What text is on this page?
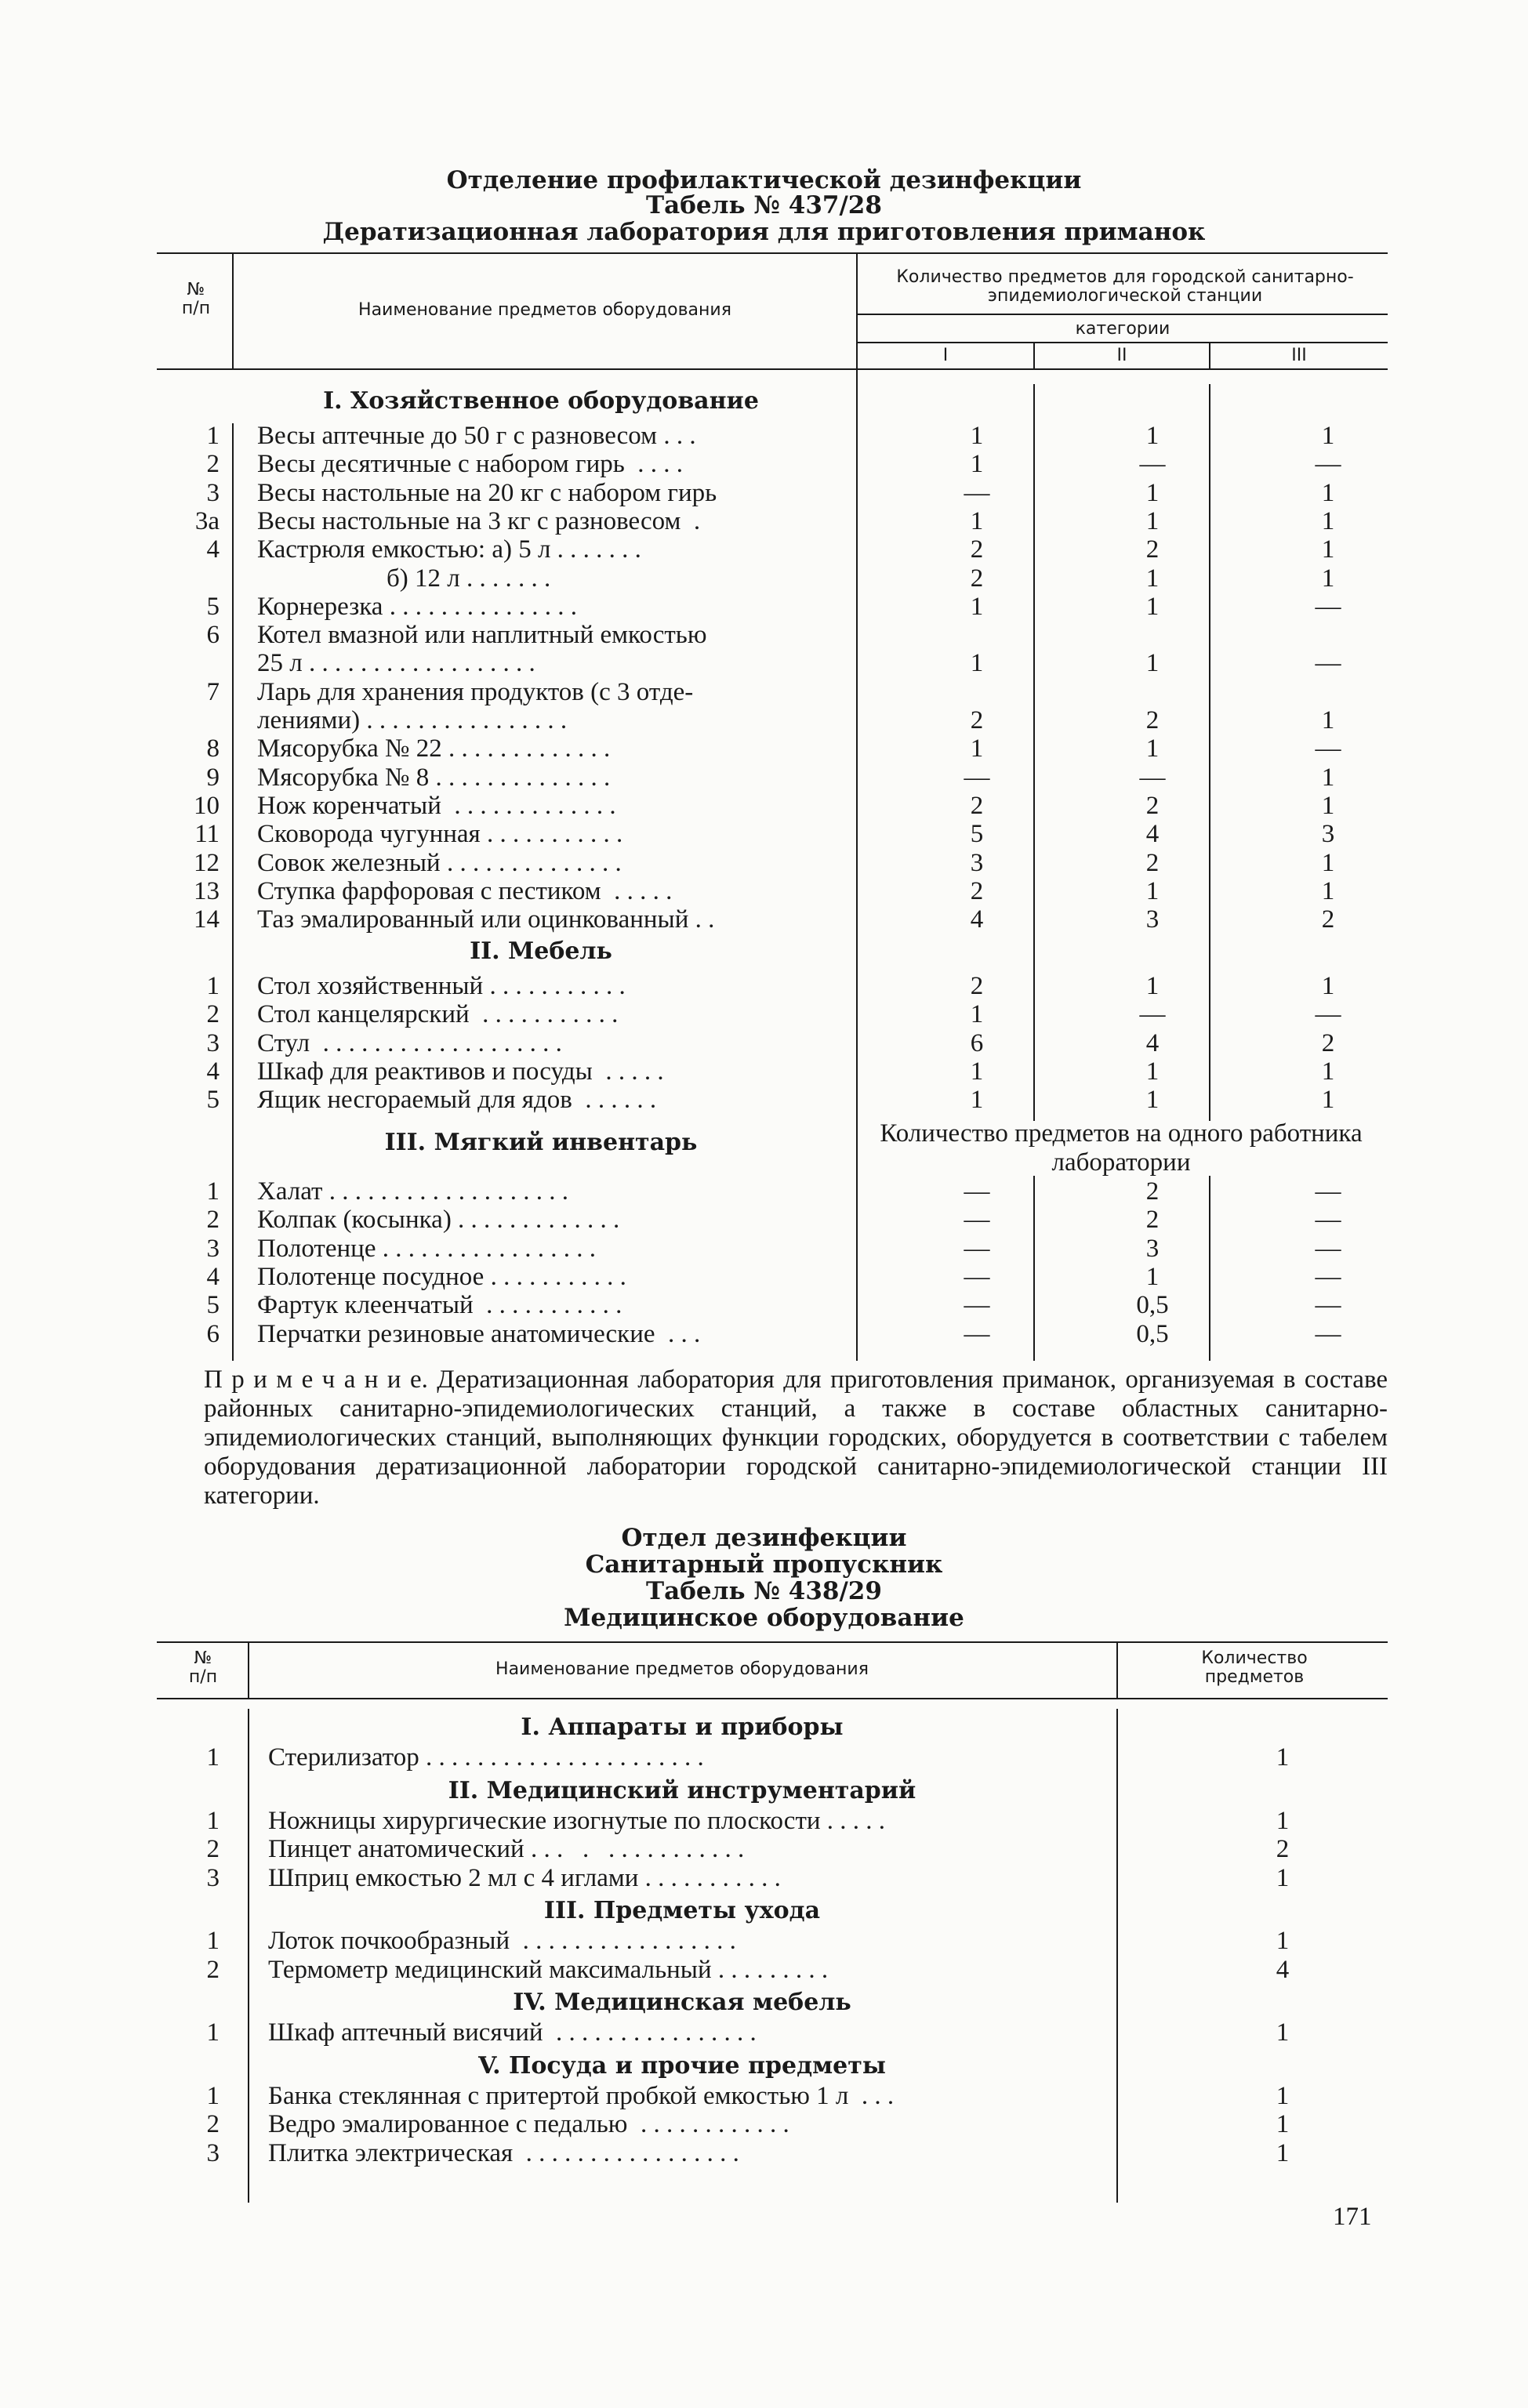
Отделение профилактической дезинфекции
Табель № 437/28
Дератизационная лаборатория для приготовления приманок
№
п/п	Наименование предметов оборудования
Количество предметов для городской санитарно-эпидемиологической станции
категории
I	II	III
I. Хозяйственное оборудование
1 Весы аптечные до 50 г с разновесом . . .	1	1	1
2 Весы десятичные с набором гирь  . . . .	1	—	—
3 Весы настольные на 20 кг с набором гирь	—	1	1
3а Весы настольные на 3 кг с разновесом  .	1	1	1
4 Кастрюля емкостью: а) 5 л . . . . . . .	2	2	1
б) 12 л . . . . . . .	2	1	1
5 Корнерезка . . . . . . . . . . . . . . .	1	1	—
6 Котел вмазной или наплитный емкостью
25 л . . . . . . . . . . . . . . . . . .	1	1	—
7 Ларь для хранения продуктов (с 3 отде-
лениями) . . . . . . . . . . . . . . . .	2	2	1
8 Мясорубка № 22 . . . . . . . . . . . . .	1	1	—
9 Мясорубка № 8 . . . . . . . . . . . . . .	—	—	1
10 Нож коренчатый  . . . . . . . . . . . . .	2	2	1
11 Сковорода чугунная . . . . . . . . . . .	5	4	3
12 Совок железный . . . . . . . . . . . . . .	3	2	1
13 Ступка фарфоровая с пестиком  . . . . .	2	1	1
14 Таз эмалированный или оцинкованный . .	4	3	2
II. Мебель
1 Стол хозяйственный . . . . . . . . . . .	2	1	1
2 Стол канцелярский  . . . . . . . . . . .	1	—	—
3 Стул  . . . . . . . . . . . . . . . . . . .	6	4	2
4 Шкаф для реактивов и посуды  . . . . .	1	1	1
5 Ящик несгораемый для ядов  . . . . . .	1	1	1
III. Мягкий инвентарь	Количество предметов на одного работника лаборатории
1 Халат . . . . . . . . . . . . . . . . . . .	—	2	—
2 Колпак (косынка) . . . . . . . . . . . . .	—	2	—
3 Полотенце . . . . . . . . . . . . . . . . .	—	3	—
4 Полотенце посудное . . . . . . . . . . .	—	1	—
5 Фартук клеенчатый  . . . . . . . . . . .	—	0,5	—
6 Перчатки резиновые анатомические  . . .	—	0,5	—
П р и м е ч а н и е. Дератизационная лаборатория для приготовления приманок, организуемая в составе районных санитарно-эпидемиологических станций, а также в составе областных санитарно-эпидемиологических станций, выполняющих функции городских, оборудуется в соответствии с табелем оборудования дератизационной лаборатории городской санитарно-эпидемиологической станции III категории.
Отдел дезинфекции
Санитарный пропускник
Табель № 438/29
Медицинское оборудование
№
п/п	Наименование предметов оборудования
Количество
предметов
I. Аппараты и приборы
1 Стерилизатор . . . . . . . . . . . . . . . . . . . . . .	1
II. Медицинский инструментарий
1 Ножницы хирургические изогнутые по плоскости . . . . .	1
2 Пинцет анатомический . . .   .   . . . . . . . . . . .	2
3 Шприц емкостью 2 мл с 4 иглами . . . . . . . . . . .	1
III. Предметы ухода
1 Лоток почкообразный  . . . . . . . . . . . . . . . . .	1
2 Термометр медицинский максимальный . . . . . . . . .	4
IV. Медицинская мебель
1 Шкаф аптечный висячий  . . . . . . . . . . . . . . . .	1
V. Посуда и прочие предметы
1 Банка стеклянная с притертой пробкой емкостью 1 л  . . .	1
2 Ведро эмалированное с педалью  . . . . . . . . . . . .	1
3 Плитка электрическая  . . . . . . . . . . . . . . . . .	1
171
